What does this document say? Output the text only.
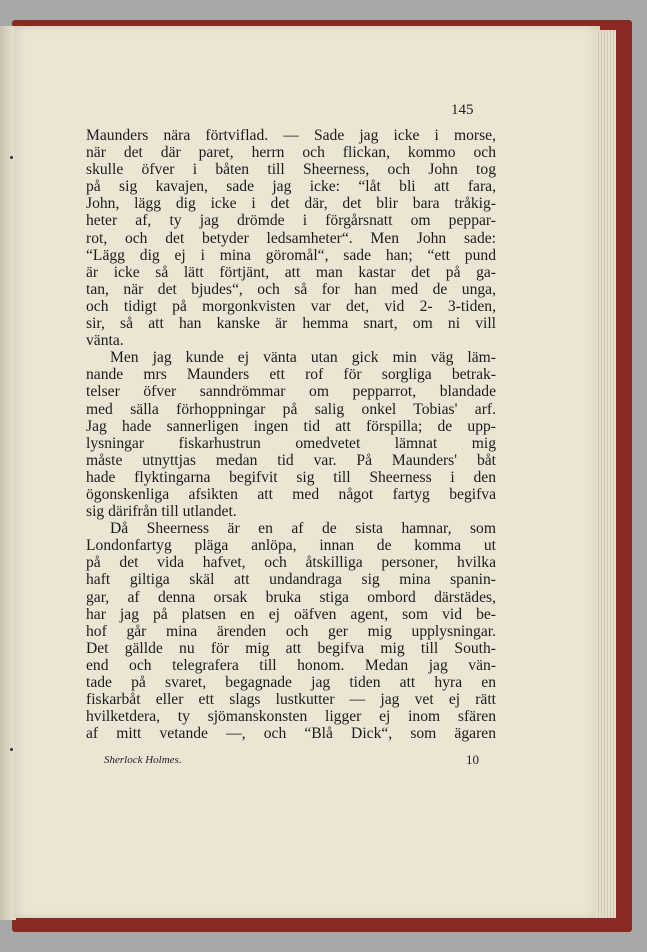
145
Maunders nära förtviflad. — Sade jag icke i morse,
när det där paret, herrn och flickan, kommo och
skulle öfver i båten till Sheerness, och John tog
på sig kavajen, sade jag icke: “låt bli att fara,
John, lägg dig icke i det där, det blir bara tråkig-
heter af, ty jag drömde i förgårsnatt om peppar-
rot, och det betyder ledsamheter“. Men John sade:
“Lägg dig ej i mina göromål“, sade han; “ett pund
är icke så lätt förtjänt, att man kastar det på ga-
tan, när det bjudes“, och så for han med de unga,
och tidigt på morgonkvisten var det, vid 2- 3-tiden,
sir, så att han kanske är hemma snart, om ni vill
vänta.
Men jag kunde ej vänta utan gick min väg läm-
nande mrs Maunders ett rof för sorgliga betrak-
telser öfver sanndrömmar om pepparrot, blandade
med sälla förhoppningar på salig onkel Tobias' arf.
Jag hade sannerligen ingen tid att förspilla; de upp-
lysningar fiskarhustrun omedvetet lämnat mig
måste utnyttjas medan tid var. På Maunders' båt
hade flyktingarna begifvit sig till Sheerness i den
ögonskenliga afsikten att med något fartyg begifva
sig därifrån till utlandet.
Då Sheerness är en af de sista hamnar, som
Londonfartyg pläga anlöpa, innan de komma ut
på det vida hafvet, och åtskilliga personer, hvilka
haft giltiga skäl att undandraga sig mina spanin-
gar, af denna orsak bruka stiga ombord därstädes,
har jag på platsen en ej oäfven agent, som vid be-
hof går mina ärenden och ger mig upplysningar.
Det gällde nu för mig att begifva mig till South-
end och telegrafera till honom. Medan jag vän-
tade på svaret, begagnade jag tiden att hyra en
fiskarbåt eller ett slags lustkutter — jag vet ej rätt
hvilketdera, ty sjömanskonsten ligger ej inom sfären
af mitt vetande —, och “Blå Dick“, som ägaren
Sherlock Holmes.	10
